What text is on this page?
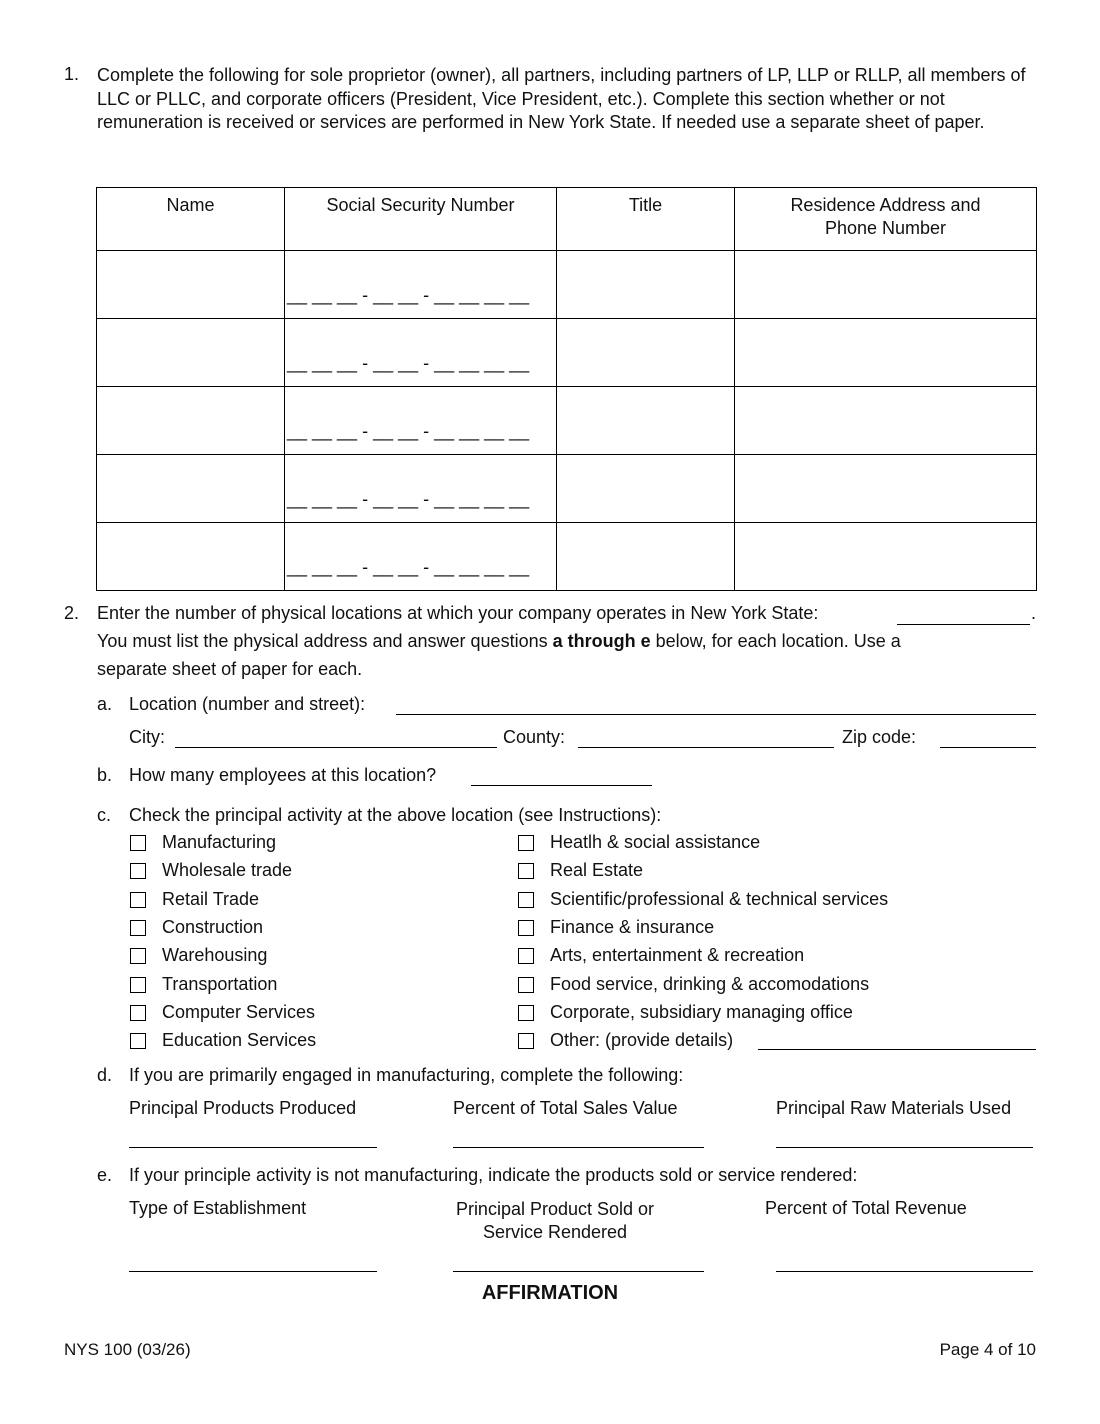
1. Complete the following for sole proprietor (owner), all partners, including partners of LP, LLP or RLLP, all members of LLC or PLLC, and corporate officers (President, Vice President, etc.). Complete this section whether or not remuneration is received or services are performed in New York State. If needed use a separate sheet of paper.
Name	Social Security Number	Title	Residence Address and Phone Number

	__ __ __ - __ __ - __ __ __ __		

	__ __ __ - __ __ - __ __ __ __		

	__ __ __ - __ __ - __ __ __ __		

	__ __ __ - __ __ - __ __ __ __		

	__ __ __ - __ __ - __ __ __ __		

2. Enter the number of physical locations at which your company operates in New York State:	.
You must list the physical address and answer questions a through e below, for each location. Use a
separate sheet of paper for each.
a. Location (number and street):
City:	County:	Zip code:
b. How many employees at this location?
c. Check the principal activity at the above location (see Instructions):
Manufacturing
Wholesale trade
Retail Trade
Construction
Warehousing
Transportation
Computer Services
Education Services
Heatlh & social assistance
Real Estate
Scientific/professional & technical services
Finance & insurance
Arts, entertainment & recreation
Food service, drinking & accomodations
Corporate, subsidiary managing office
Other: (provide details)
d. If you are primarily engaged in manufacturing, complete the following:
Principal Products Produced	Percent of Total Sales Value	Principal Raw Materials Used
e. If your principle activity is not manufacturing, indicate the products sold or service rendered:
Type of Establishment	Principal Product Sold or
Service Rendered
Percent of Total Revenue
AFFIRMATION
NYS 100 (03/26)	Page 4 of 10
